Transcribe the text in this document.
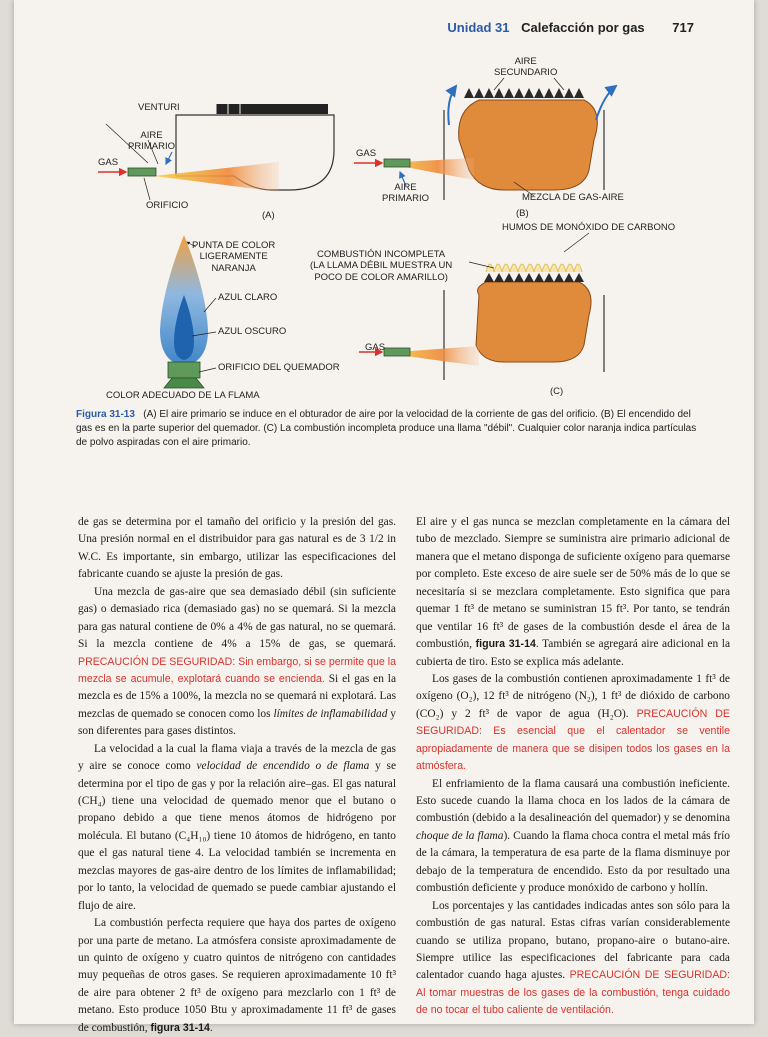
Unidad 31 Calefacción por gas 717
VENTURI
AIRE
PRIMARIO
GAS
ORIFICIO
(A)
AIRE
SECUNDARIO
GAS
AIRE
PRIMARIO	MEZCLA DE GAS-AIRE
(B)
HUMOS DE MONÓXIDO DE CARBONO
COMBUSTIÓN INCOMPLETA
(LA LLAMA DÉBIL MUESTRA UN
POCO DE COLOR AMARILLO)
GAS
(C)
PUNTA DE COLOR
LIGERAMENTE
NARANJA
AZUL CLARO
AZUL OSCURO
ORIFICIO DEL QUEMADOR
COLOR ADECUADO DE LA FLAMA
Figura 31-13 (A) El aire primario se induce en el obturador de aire por la velocidad de la corriente de gas del orificio. (B) El encendido del gas es en la parte superior del quemador. (C) La combustión incompleta produce una llama "débil". Cualquier color naranja indica partículas de polvo aspiradas con el aire primario.

de gas se determina por el tamaño del orificio y la presión del gas. Una presión normal en el distribuidor para gas natural es de 3 1/2 in W.C. Es importante, sin embargo, utilizar las especificaciones del fabricante cuando se ajuste la presión de gas.

Una mezcla de gas-aire que sea demasiado débil (sin suficiente gas) o demasiado rica (demasiado gas) no se quemará. Si la mezcla para gas natural contiene de 0% a 4% de gas natural, no se quemará. Si la mezcla contiene de 4% a 15% de gas, se quemará. PRECAUCIÓN DE SEGURIDAD: Sin embargo, si se permite que la mezcla se acumule, explotará cuando se encienda. Si el gas en la mezcla es de 15% a 100%, la mezcla no se quemará ni explotará. Las mezclas de quemado se conocen como los límites de inflamabilidad y son diferentes para gases distintos.

La velocidad a la cual la flama viaja a través de la mezcla de gas y aire se conoce como velocidad de encendido o de flama y se determina por el tipo de gas y por la relación aire–gas. El gas natural (CH₄) tiene una velocidad de quemado menor que el butano o propano debido a que tiene menos átomos de hidrógeno por molécula. El butano (C₄H₁₀) tiene 10 átomos de hidrógeno, en tanto que el gas natural tiene 4. La velocidad también se incrementa en mezclas mayores de gas-aire dentro de los límites de inflamabilidad; por lo tanto, la velocidad de quemado se puede cambiar ajustando el flujo de aire.

La combustión perfecta requiere que haya dos partes de oxígeno por una parte de metano. La atmósfera consiste aproximadamente de un quinto de oxígeno y cuatro quintos de nitrógeno con cantidades muy pequeñas de otros gases. Se requieren aproximadamente 10 ft³ de aire para obtener 2 ft³ de oxígeno para mezclarlo con 1 ft³ de metano. Esto produce 1050 Btu y aproximadamente 11 ft³ de gases de combustión, figura 31-14.

El aire y el gas nunca se mezclan completamente en la cámara del tubo de mezclado. Siempre se suministra aire primario adicional de manera que el metano disponga de suficiente oxígeno para quemarse por completo. Este exceso de aire suele ser de 50% más de lo que se necesitaría si se mezclara completamente. Esto significa que para quemar 1 ft³ de metano se suministran 15 ft³. Por tanto, se tendrán que ventilar 16 ft³ de gases de la combustión desde el área de la combustión, figura 31-14. También se agregará aire adicional en la cubierta de tiro. Esto se explica más adelante.

Los gases de la combustión contienen aproximadamente 1 ft³ de oxígeno (O₂), 12 ft³ de nitrógeno (N₂), 1 ft³ de dióxido de carbono (CO₂) y 2 ft³ de vapor de agua (H₂O). PRECAUCIÓN DE SEGURIDAD: Es esencial que el calentador se ventile apropiadamente de manera que se disipen todos los gases en la atmósfera.

El enfriamiento de la flama causará una combustión ineficiente. Esto sucede cuando la llama choca en los lados de la cámara de combustión (debido a la desalineación del quemador) y se denomina choque de la flama). Cuando la flama choca contra el metal más frío de la cámara, la temperatura de esa parte de la flama disminuye por debajo de la temperatura de encendido. Esto da por resultado una combustión deficiente y produce monóxido de carbono y hollín.

Los porcentajes y las cantidades indicadas antes son sólo para la combustión de gas natural. Estas cifras varían considerablemente cuando se utiliza propano, butano, propano-aire o butano-aire. Siempre utilice las especificaciones del fabricante para cada calentador cuando haga ajustes. PRECAUCIÓN DE SEGURIDAD: Al tomar muestras de los gases de la combustión, tenga cuidado de no tocar el tubo caliente de ventilación.
